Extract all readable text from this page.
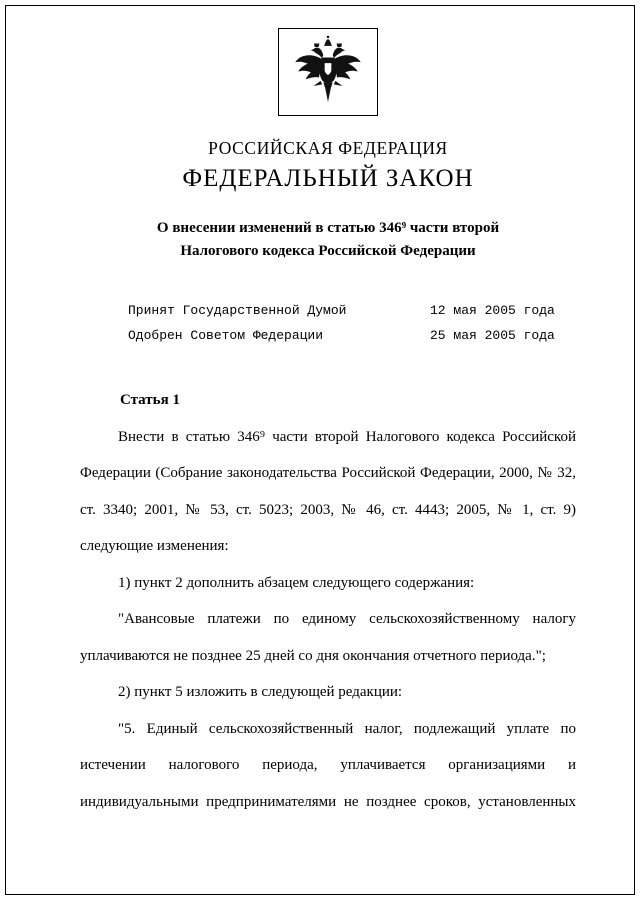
РОССИЙСКАЯ ФЕДЕРАЦИЯ
ФЕДЕРАЛЬНЫЙ ЗАКОН
О внесении изменений в статью 346⁹ части второй
Налогового кодекса Российской Федерации
Принят Государственной Думой	12 мая 2005 года
Одобрен Советом Федерации	25 мая 2005 года

Статья 1

Внести в статью 346⁹ части второй Налогового кодекса Российской Федерации (Собрание законодательства Российской Федерации, 2000, № 32, ст. 3340; 2001, № 53, ст. 5023; 2003, № 46, ст. 4443; 2005, № 1, ст. 9) следующие изменения:

1) пункт 2 дополнить абзацем следующего содержания:

"Авансовые платежи по единому сельскохозяйственному налогу уплачиваются не позднее 25 дней со дня окончания отчетного периода.";

2) пункт 5 изложить в следующей редакции:

"5. Единый сельскохозяйственный налог, подлежащий уплате по истечении налогового периода, уплачивается организациями и индивидуальными предпринимателями не позднее сроков, установленных
